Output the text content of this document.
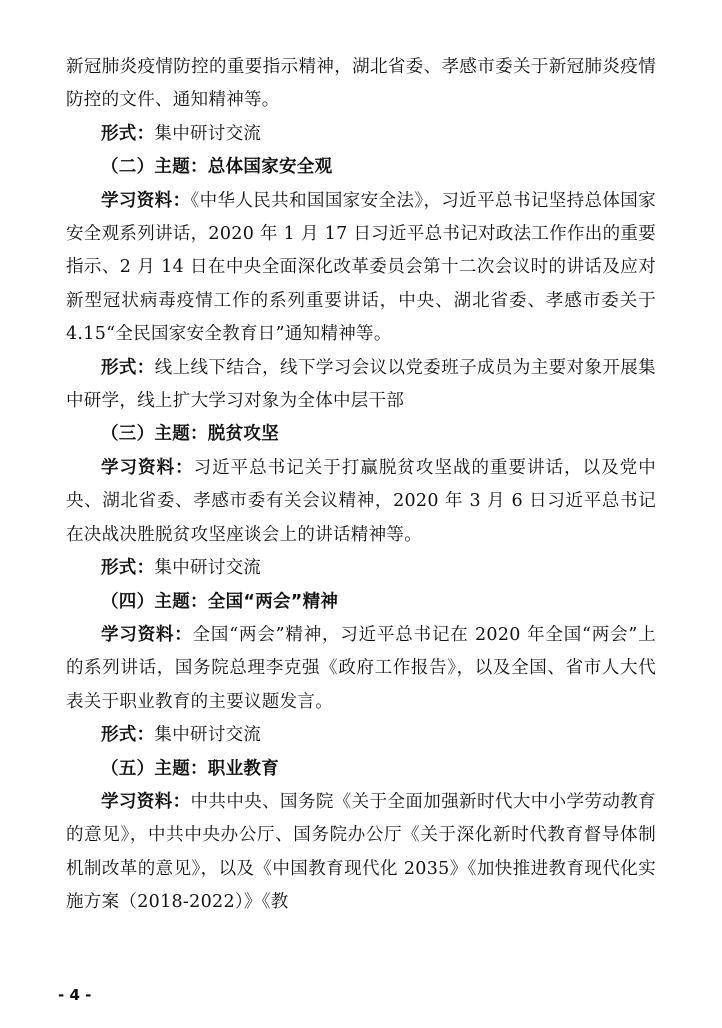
新冠肺炎疫情防控的重要指示精神，湖北省委、孝感市委关于新冠肺炎疫情防控的文件、通知精神等。

形式：集中研讨交流

（二）主题：总体国家安全观

学习资料：《中华人民共和国国家安全法》，习近平总书记坚持总体国家安全观系列讲话，2020 年 1 月 17 日习近平总书记对政法工作作出的重要指示、2 月 14 日在中央全面深化改革委员会第十二次会议时的讲话及应对新型冠状病毒疫情工作的系列重要讲话，中央、湖北省委、孝感市委关于 4.15“全民国家安全教育日”通知精神等。

形式：线上线下结合，线下学习会议以党委班子成员为主要对象开展集中研学，线上扩大学习对象为全体中层干部

（三）主题：脱贫攻坚

学习资料：习近平总书记关于打赢脱贫攻坚战的重要讲话，以及党中央、湖北省委、孝感市委有关会议精神，2020 年 3 月 6 日习近平总书记在决战决胜脱贫攻坚座谈会上的讲话精神等。

形式：集中研讨交流

（四）主题：全国“两会”精神

学习资料：全国“两会”精神，习近平总书记在 2020 年全国“两会”上的系列讲话，国务院总理李克强《政府工作报告》，以及全国、省市人大代表关于职业教育的主要议题发言。

形式：集中研讨交流

（五）主题：职业教育

学习资料：中共中央、国务院《关于全面加强新时代大中小学劳动教育的意见》，中共中央办公厅、国务院办公厅《关于深化新时代教育督导体制机制改革的意见》，以及《中国教育现代化 2035》《加快推进教育现代化实施方案（2018-2022）》《教

- 4 -
